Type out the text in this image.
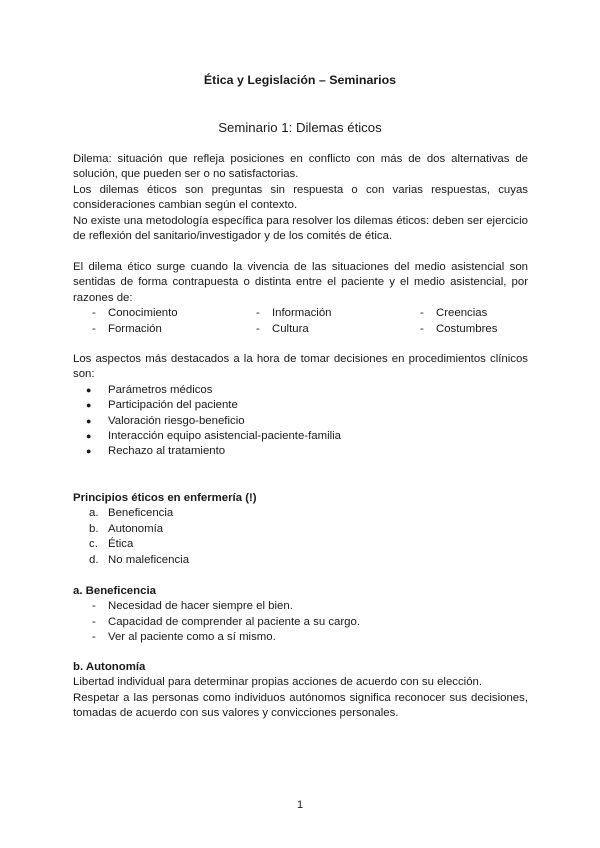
Ética y Legislación – Seminarios
Seminario 1: Dilemas éticos

Dilema: situación que refleja posiciones en conflicto con más de dos alternativas de solución, que pueden ser o no satisfactorias.

Los dilemas éticos son preguntas sin respuesta o con varias respuestas, cuyas consideraciones cambian según el contexto.

No existe una metodología específica para resolver los dilemas éticos: deben ser ejercicio de reflexión del sanitario/investigador y de los comités de ética.

El dilema ético surge cuando la vivencia de las situaciones del medio asistencial son sentidas de forma contrapuesta o distinta entre el paciente y el medio asistencial, por razones de:

-	Conocimiento	-	Información	-	Creencias
-	Formación	-	Cultura	-	Costumbres

Los aspectos más destacados a la hora de tomar decisiones en procedimientos clínicos son:

● Parámetros médicos
● Participación del paciente
● Valoración riesgo-beneficio
● Interacción equipo asistencial-paciente-familia
● Rechazo al tratamiento

Principios éticos en enfermería (!)

a. Beneficencia
b. Autonomía
c. Ética
d. No maleficencia

a. Beneficencia

- Necesidad de hacer siempre el bien.
- Capacidad de comprender al paciente a su cargo.
- Ver al paciente como a sí mismo.

b. Autonomía

Libertad individual para determinar propias acciones de acuerdo con su elección.

Respetar a las personas como individuos autónomos significa reconocer sus decisiones, tomadas de acuerdo con sus valores y convicciones personales.

1
